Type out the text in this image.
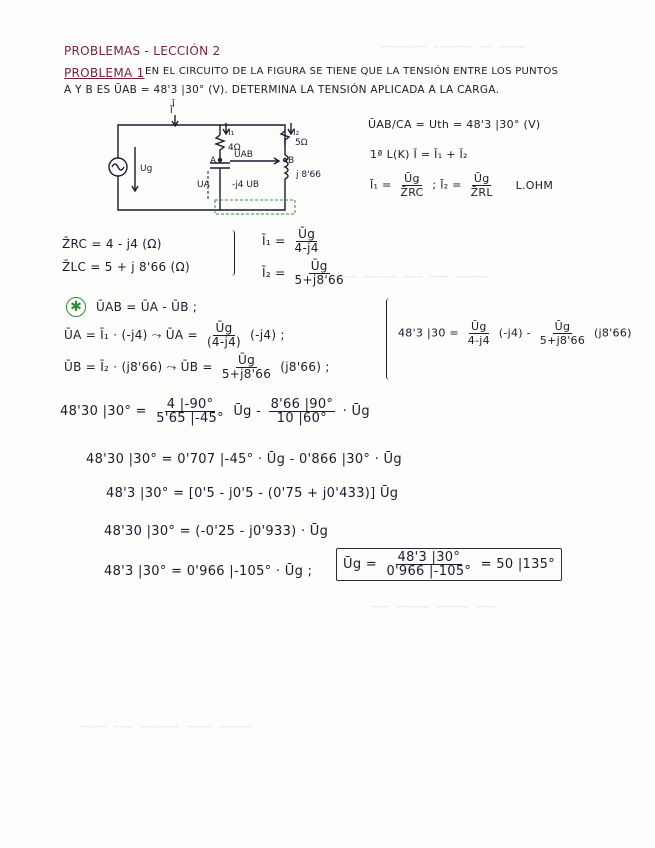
~~~~ ~~ ~~~~~~ ~~~~~~~
~~~~~ ~~~ ~~~ ~~~~~ ~~~~
~~~ ~~~~~ ~~~~~ ~~~
~~~~~ ~~~~ ~~~~~~ ~~~ ~~~~
PROBLEMAS - LECCIÓN 2
PROBLEMA 1 EN EL CIRCUITO DE LA FIGURA SE TIENE QUE LA TENSIÓN ENTRE LOS PUNTOS
A Y B ES ŪAB = 48'3 |30° (V). DETERMINA LA TENSIÓN APLICADA A LA CARGA.
Ī
I₁	I₂
4Ω	5Ω
UAB
A	B
UA -j4 UB
j 8'66
Ug
Ī
ŪAB/CA = Uth = 48'3 |30° (V)
1ª L(K) Ī = Ī₁ + Ī₂
Ī₁ = $\frac{Ūg}{Z̄RC}$ ; Ī₂ = $\frac{Ūg}{Z̄RL} L.OHM$
Z̄RC = 4 - j4 (Ω)
Z̄LC = 5 + j 8'66 (Ω)
Ī₁ = $\frac{Ūg}{4-j4}$
Ī₂ = $\frac{Ūg}{5+j8'66}$
✱	ŪAB = ŪA - ŪB ;
ŪA = Ī₁ · (-j4) ⤳ ŪA = $\frac{Ūg}{(4-j4)} (-j4)$ ;
ŪB = Ī₂ · (j8'66) ⤳ ŪB = $\frac{Ūg}{5+j8'66} (j8'66)$ ;
48'3 $|30 = \frac{Ūg}{4-j4} (-j4) - \frac{Ūg}{5+j8'66} (j8'66)$
48'30 $|30^\circ = \frac{4 |-90^\circ}{5'65 |-45^\circ}$ Ūg - $\frac{8'66 |90^\circ}{10 |60^\circ}$ · Ūg
48'30 |30° = 0'707 |-45° · Ūg - 0'866 |30° · Ūg
48'3 |30° = [0'5 - j0'5 - (0'75 + j0'433)] Ūg
48'30 |30° = (-0'25 - j0'933) · Ūg
48'3 |30° = 0'966 |-105° · Ūg ;	Ūg = $\frac{48'3 |30^\circ}{0'966 |-105^\circ} = 50$ |135°
